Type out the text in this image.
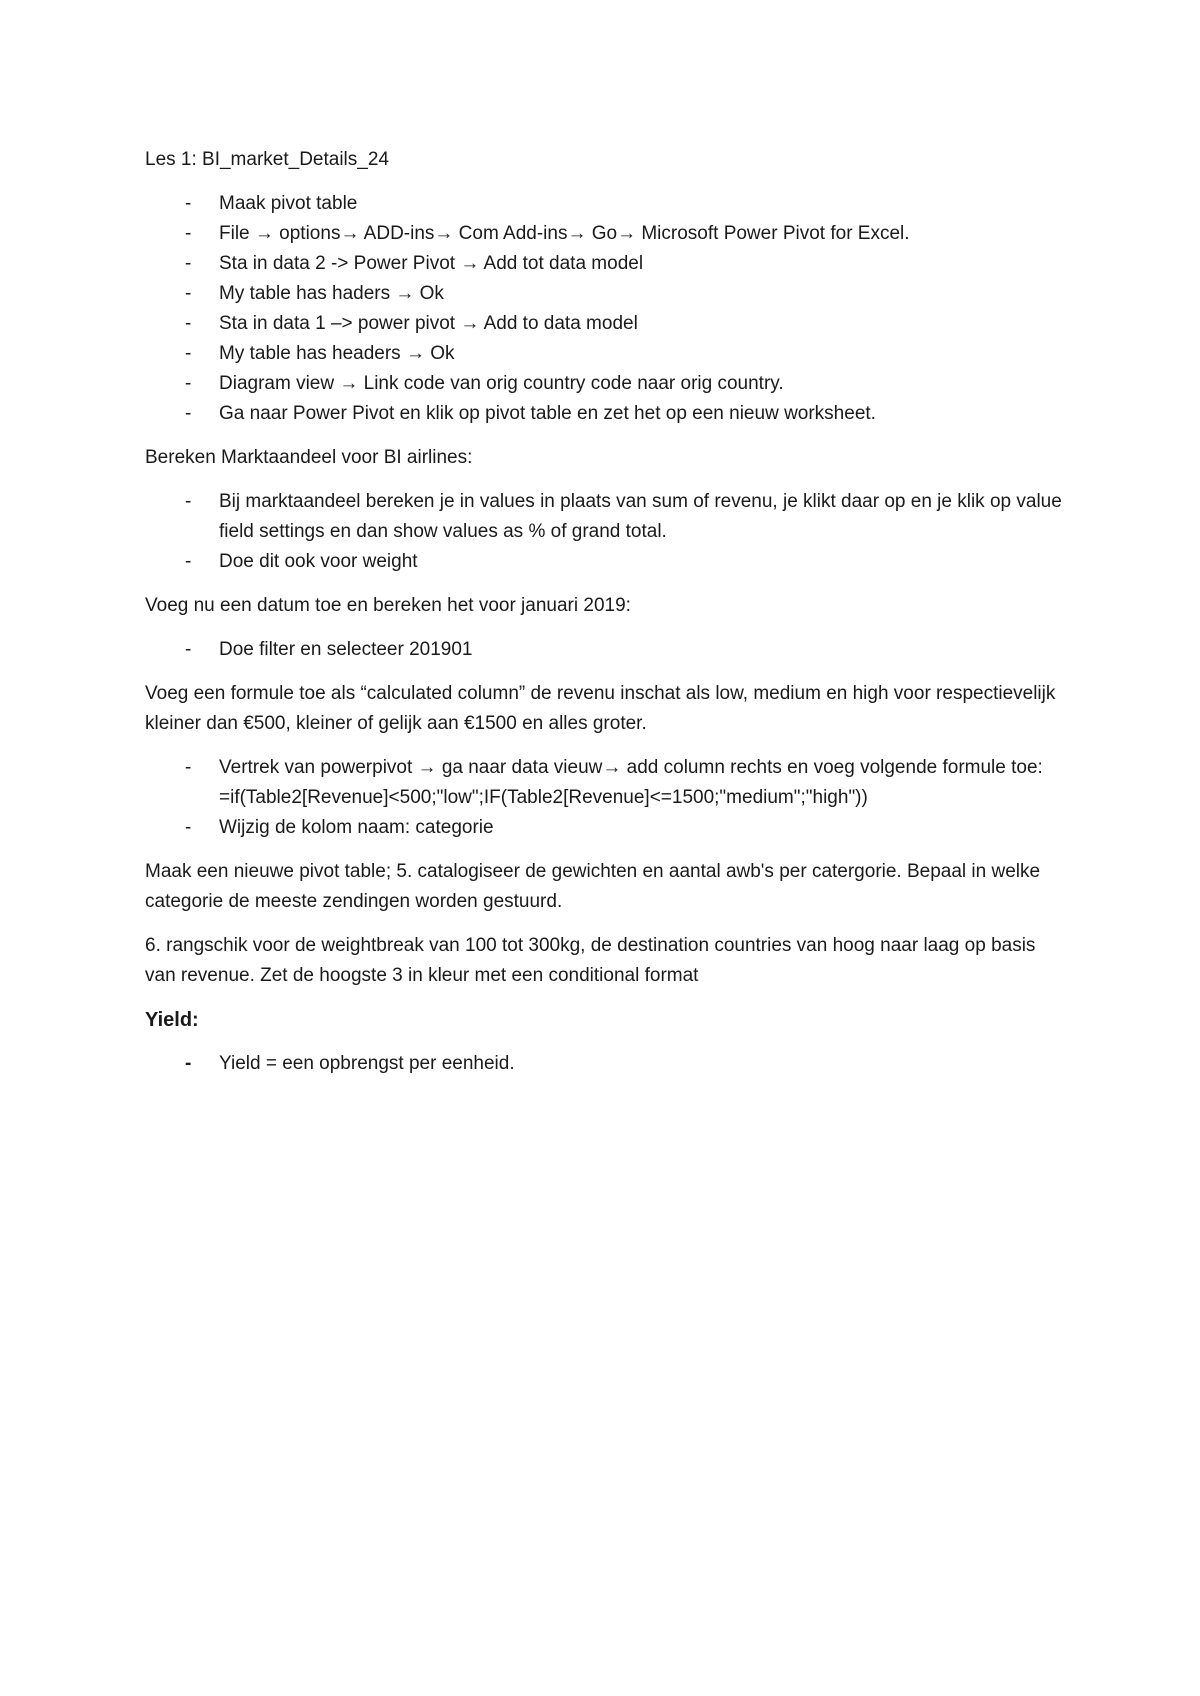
Les 1: BI_market_Details_24

- Maak pivot table
- File → options→ ADD-ins→ Com Add-ins→ Go→ Microsoft Power Pivot for Excel.
- Sta in data 2 -> Power Pivot → Add tot data model
- My table has haders → Ok
- Sta in data 1 –> power pivot → Add to data model
- My table has headers → Ok
- Diagram view → Link code van orig country code naar orig country.
- Ga naar Power Pivot en klik op pivot table en zet het op een nieuw worksheet.

Bereken Marktaandeel voor BI airlines:

- Bij marktaandeel bereken je in values in plaats van sum of revenu, je klikt daar op en je klik op value field settings en dan show values as % of grand total.
- Doe dit ook voor weight

Voeg nu een datum toe en bereken het voor januari 2019:

- Doe filter en selecteer 201901

Voeg een formule toe als “calculated column” de revenu inschat als low, medium en high voor respectievelijk kleiner dan €500, kleiner of gelijk aan €1500 en alles groter.

- Vertrek van powerpivot → ga naar data vieuw→ add column rechts en voeg volgende formule toe: =if(Table2[Revenue]<500;"low";IF(Table2[Revenue]<=1500;"medium";"high"))
- Wijzig de kolom naam: categorie

Maak een nieuwe pivot table; 5. catalogiseer de gewichten en aantal awb's per catergorie. Bepaal in welke categorie de meeste zendingen worden gestuurd.

6. rangschik voor de weightbreak van 100 tot 300kg, de destination countries van hoog naar laag op basis van revenue. Zet de hoogste 3 in kleur met een conditional format

Yield:

- Yield = een opbrengst per eenheid.
